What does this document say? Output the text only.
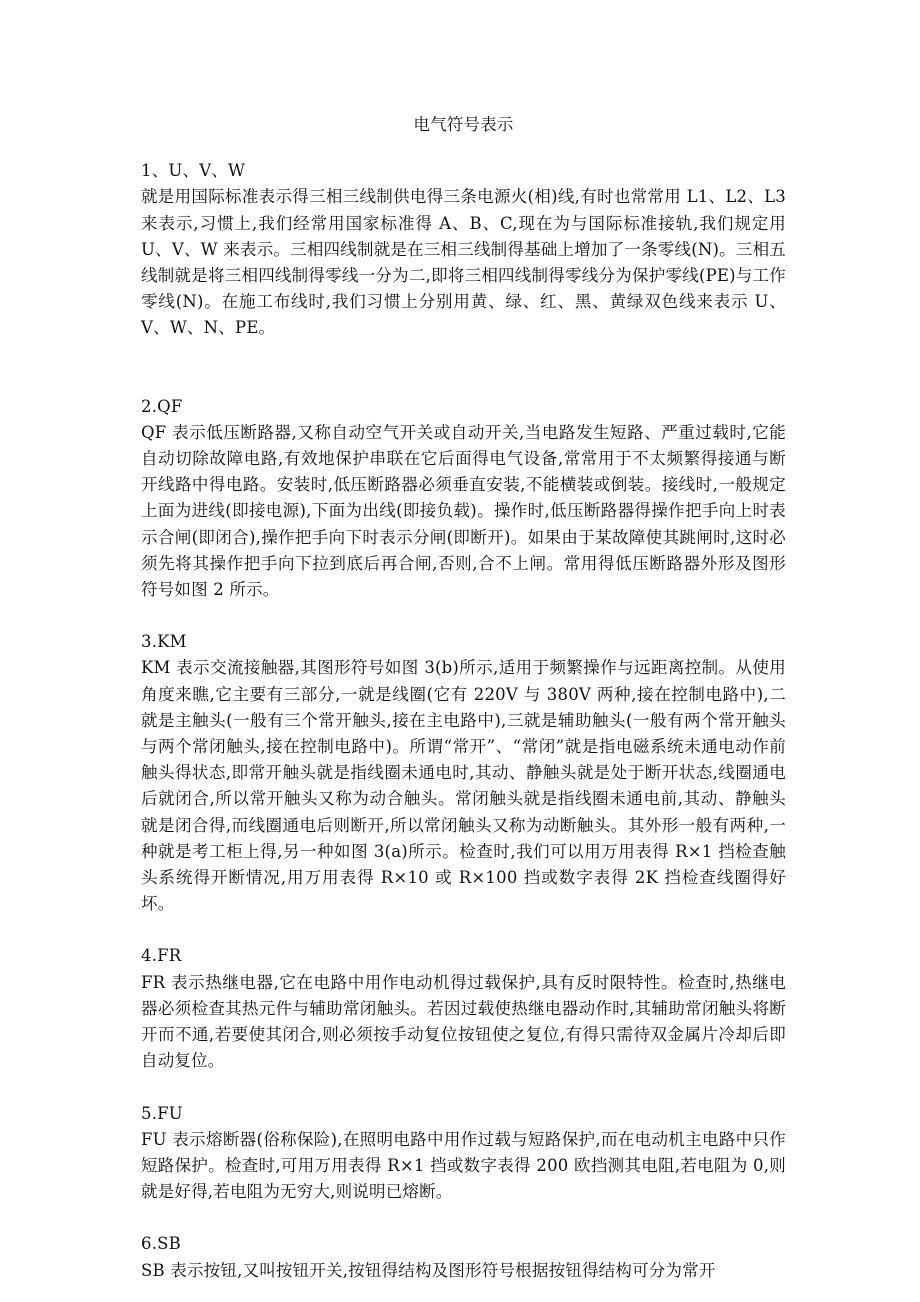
电气符号表示
1、U、V、W
就是用国际标准表示得三相三线制供电得三条电源火(相)线,有时也常常用 L1、L2、L3 来表示,习惯上,我们经常用国家标准得 A、B、C,现在为与国际标准接轨,我们规定用 U、V、W 来表示。三相四线制就是在三相三线制得基础上增加了一条零线(N)。三相五线制就是将三相四线制得零线一分为二,即将三相四线制得零线分为保护零线(PE)与工作零线(N)。在施工布线时,我们习惯上分别用黄、绿、红、黑、黄绿双色线来表示 U、V、W、N、PE。
2.QF
QF 表示低压断路器,又称自动空气开关或自动开关,当电路发生短路、严重过载时,它能自动切除故障电路,有效地保护串联在它后面得电气设备,常常用于不太频繁得接通与断开线路中得电路。安装时,低压断路器必须垂直安装,不能横装或倒装。接线时,一般规定上面为进线(即接电源),下面为出线(即接负载)。操作时,低压断路器得操作把手向上时表示合闸(即闭合),操作把手向下时表示分闸(即断开)。如果由于某故障使其跳闸时,这时必须先将其操作把手向下拉到底后再合闸,否则,合不上闸。常用得低压断路器外形及图形符号如图 2 所示。
3.KM
KM 表示交流接触器,其图形符号如图 3(b)所示,适用于频繁操作与远距离控制。从使用角度来瞧,它主要有三部分,一就是线圈(它有 220V 与 380V 两种,接在控制电路中),二就是主触头(一般有三个常开触头,接在主电路中),三就是辅助触头(一般有两个常开触头与两个常闭触头,接在控制电路中)。所谓“常开”、“常闭”就是指电磁系统未通电动作前触头得状态,即常开触头就是指线圈未通电时,其动、静触头就是处于断开状态,线圈通电后就闭合,所以常开触头又称为动合触头。常闭触头就是指线圈未通电前,其动、静触头就是闭合得,而线圈通电后则断开,所以常闭触头又称为动断触头。其外形一般有两种,一种就是考工柜上得,另一种如图 3(a)所示。检查时,我们可以用万用表得 R×1 挡检查触头系统得开断情况,用万用表得 R×10 或 R×100 挡或数字表得 2K 挡检查线圈得好坏。
4.FR
FR 表示热继电器,它在电路中用作电动机得过载保护,具有反时限特性。检查时,热继电器必须检查其热元件与辅助常闭触头。若因过载使热继电器动作时,其辅助常闭触头将断开而不通,若要使其闭合,则必须按手动复位按钮使之复位,有得只需待双金属片冷却后即自动复位。
5.FU
FU 表示熔断器(俗称保险),在照明电路中用作过载与短路保护,而在电动机主电路中只作短路保护。检查时,可用万用表得 R×1 挡或数字表得 200 欧挡测其电阻,若电阻为 0,则就是好得,若电阻为无穷大,则说明已熔断。
6.SB
SB 表示按钮,又叫按钮开关,按钮得结构及图形符号根据按钮得结构可分为常开
